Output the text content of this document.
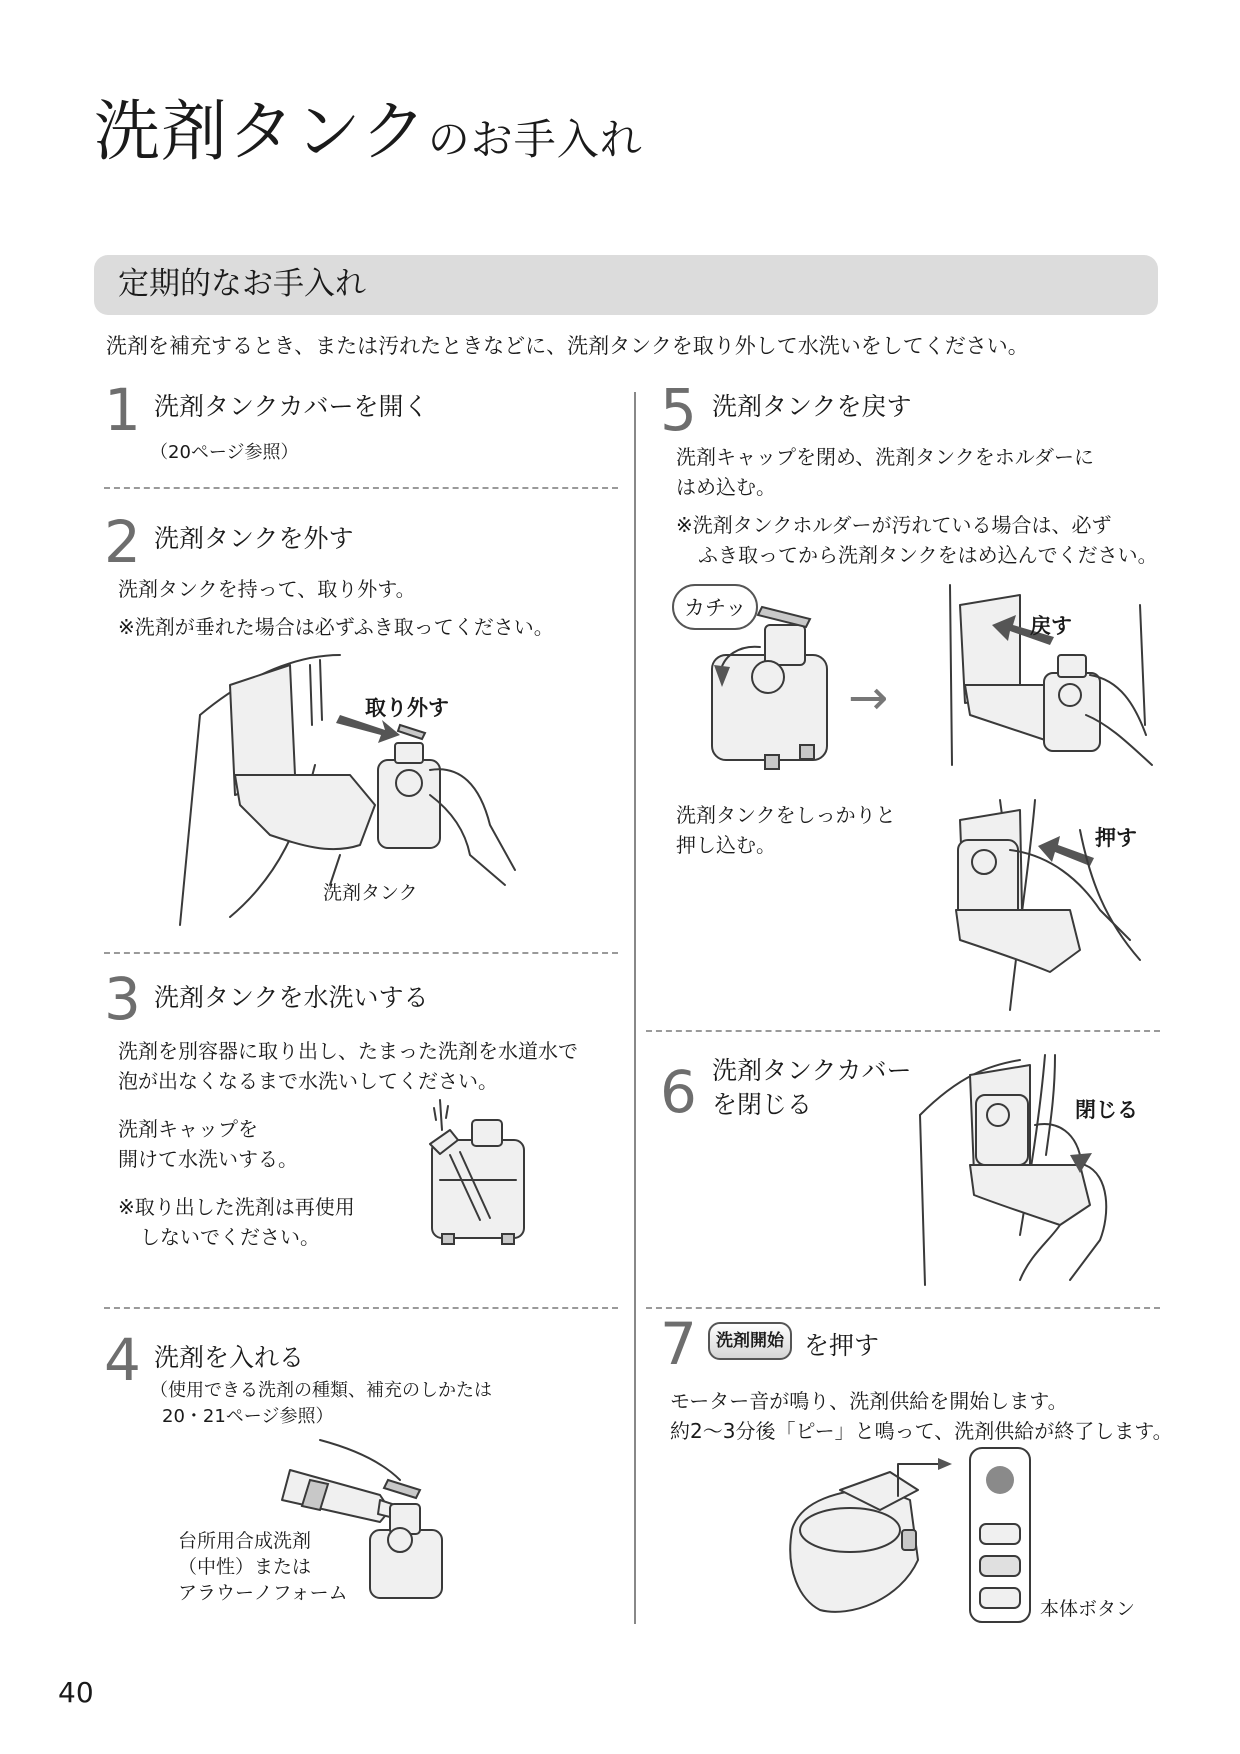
洗剤タンクのお手入れ
定期的なお手入れ
洗剤を補充するとき、または汚れたときなどに、洗剤タンクを取り外して水洗いをしてください。
1 洗剤タンクカバーを開く
（20ページ参照）
2 洗剤タンクを外す
洗剤タンクを持って、取り外す。
※洗剤が垂れた場合は必ずふき取ってください。
取り外す
洗剤タンク
3 洗剤タンクを水洗いする
洗剤を別容器に取り出し、たまった洗剤を水道水で
泡が出なくなるまで水洗いしてください。
洗剤キャップを
開けて水洗いする。
※取り出した洗剤は再使用
しないでください。
4 洗剤を入れる
（使用できる洗剤の種類、補充のしかたは
20・21ページ参照）
台所用合成洗剤
（中性）または
アラウーノフォーム
5 洗剤タンクを戻す
洗剤キャップを閉め、洗剤タンクをホルダーに
はめ込む。
※洗剤タンクホルダーが汚れている場合は、必ず
ふき取ってから洗剤タンクをはめ込んでください。
カチッ
→
戻す
洗剤タンクをしっかりと
押し込む。	押す
6 洗剤タンクカバー
を閉じる	閉じる
7	洗剤開始 を押す
モーター音が鳴り、洗剤供給を開始します。
約2〜3分後「ピー」と鳴って、洗剤供給が終了します。
本体ボタン
40
